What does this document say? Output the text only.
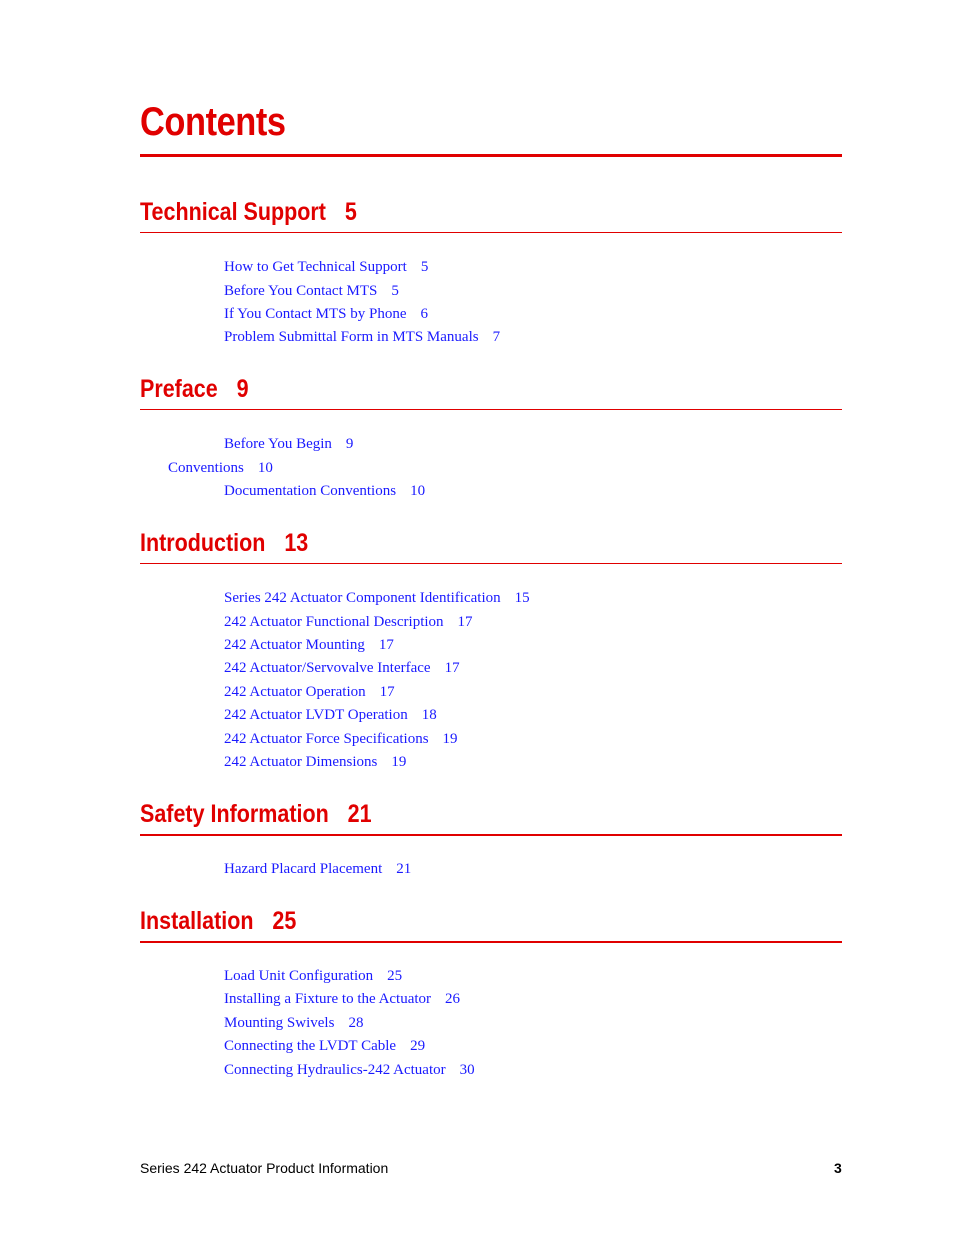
Contents
Technical Support 5
How to Get Technical Support 5
Before You Contact MTS 5
If You Contact MTS by Phone 6
Problem Submittal Form in MTS Manuals 7
Preface 9
Before You Begin 9
Conventions 10
Documentation Conventions 10
Introduction 13
Series 242 Actuator Component Identification 15
242 Actuator Functional Description 17
242 Actuator Mounting 17
242 Actuator/Servovalve Interface 17
242 Actuator Operation 17
242 Actuator LVDT Operation 18
242 Actuator Force Specifications 19
242 Actuator Dimensions 19
Safety Information 21
Hazard Placard Placement 21
Installation 25
Load Unit Configuration 25
Installing a Fixture to the Actuator 26
Mounting Swivels 28
Connecting the LVDT Cable 29
Connecting Hydraulics-242 Actuator 30
Series 242 Actuator Product Information	3
